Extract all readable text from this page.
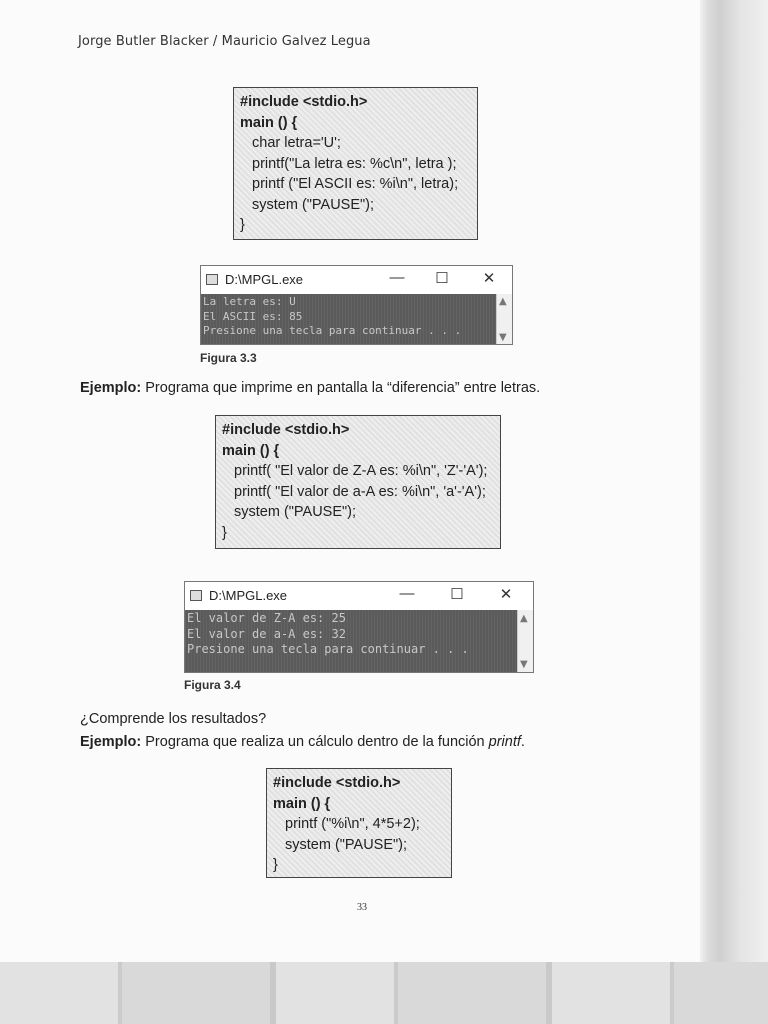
Jorge Butler Blacker / Mauricio Galvez Legua
#include <stdio.h>
main () {
char letra='U';
printf("La letra es: %c\n", letra );
printf ("El ASCII es: %i\n", letra);
system ("PAUSE");
}
D:\MPGL.exe	— ☐ ✕
La letra es: U
El ASCII es: 85
Presione una tecla para continuar . . .
▲
▼
Figura 3.3
Ejemplo: Programa que imprime en pantalla la “diferencia” entre letras.
#include <stdio.h>
main () {
printf( "El valor de Z-A es: %i\n", 'Z'-'A');
printf( "El valor de a-A es: %i\n", 'a'-'A');
system ("PAUSE");
}
D:\MPGL.exe	— ☐ ✕
El valor de Z-A es: 25
El valor de a-A es: 32
Presione una tecla para continuar . . .
▲
▼
Figura 3.4
¿Comprende los resultados?
Ejemplo: Programa que realiza un cálculo dentro de la función printf.
#include <stdio.h>
main () {
printf ("%i\n", 4*5+2);
system ("PAUSE");
}
33
